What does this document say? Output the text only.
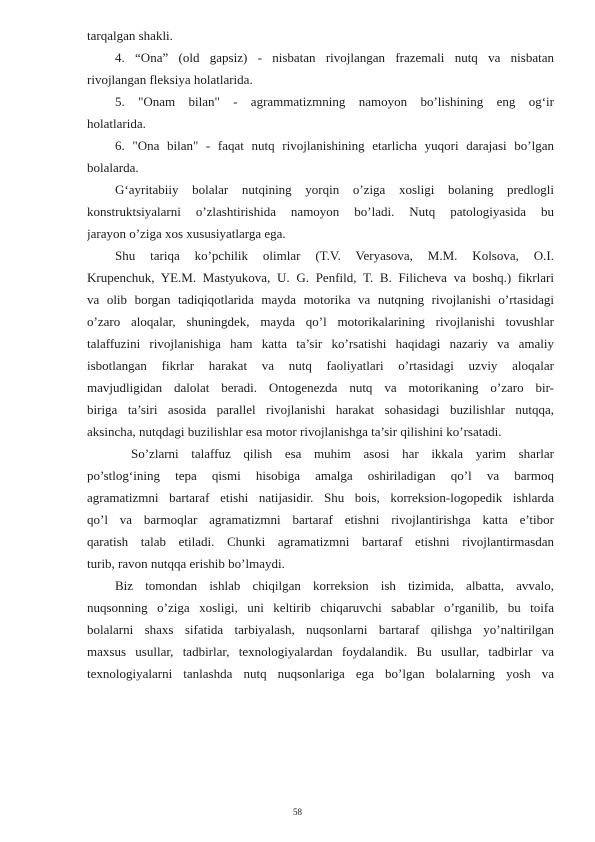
tarqalgan shakli.
4. “Ona” (old gapsiz) - nisbatan rivojlangan frazemali nutq va nisbatan
rivojlangan fleksiya holatlarida.
5. "Onam bilan" - agrammatizmning namoyon bo’lishining eng og‘ir
holatlarida.
6. "Ona bilan" - faqat nutq rivojlanishining etarlicha yuqori darajasi bo’lgan
bolalarda.
G‘ayritabiiy bolalar nutqining yorqin o’ziga xosligi bolaning predlogli
konstruktsiyalarni o’zlashtirishida namoyon bo’ladi. Nutq patologiyasida bu
jarayon o’ziga xos xususiyatlarga ega.
Shu tariqa ko’pchilik olimlar (T.V. Veryasova, M.M. Kolsova, O.I.
Krupenchuk, YE.M. Mastyukova, U. G. Penfild, T. B. Filicheva va boshq.) fikrlari
va olib borgan tadiqiqotlarida mayda motorika va nutqning rivojlanishi o’rtasidagi
o’zaro aloqalar, shuningdek, mayda qo’l motorikalarining rivojlanishi tovushlar
talaffuzini rivojlanishiga ham katta ta’sir ko’rsatishi haqidagi nazariy va amaliy
isbotlangan fikrlar harakat va nutq faoliyatlari o’rtasidagi uzviy aloqalar
mavjudligidan dalolat beradi. Ontogenezda nutq va motorikaning o’zaro bir-
biriga ta’siri asosida parallel rivojlanishi harakat sohasidagi buzilishlar nutqqa,
aksincha, nutqdagi buzilishlar esa motor rivojlanishga ta’sir qilishini ko’rsatadi.
So’zlarni talaffuz qilish esa muhim asosi har ikkala yarim sharlar
po’stlog‘ining tepa qismi hisobiga amalga oshiriladigan qo’l va barmoq
agramatizmni bartaraf etishi natijasidir. Shu bois, korreksion-logopedik ishlarda
qo’l va barmoqlar agramatizmni bartaraf etishni rivojlantirishga katta e’tibor
qaratish talab etiladi. Chunki agramatizmni bartaraf etishni rivojlantirmasdan
turib, ravon nutqqa erishib bo’lmaydi.
Biz tomondan ishlab chiqilgan korreksion ish tizimida, albatta, avvalo,
nuqsonning o’ziga xosligi, uni keltirib chiqaruvchi sabablar o’rganilib, bu toifa
bolalarni shaxs sifatida tarbiyalash, nuqsonlarni bartaraf qilishga yo’naltirilgan
maxsus usullar, tadbirlar, texnologiyalardan foydalandik. Bu usullar, tadbirlar va
texnologiyalarni tanlashda nutq nuqsonlariga ega bo’lgan bolalarning yosh va
58
